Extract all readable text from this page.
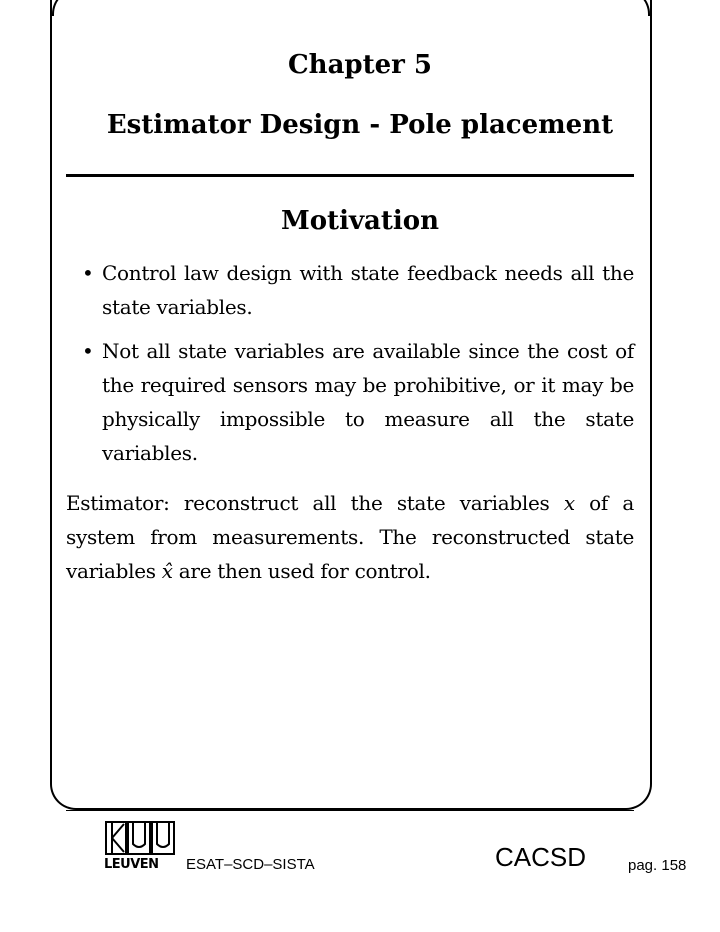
Chapter 5
Estimator Design - Pole placement
Motivation
• Control law design with state feedback needs all the state variables.
• Not all state variables are available since the cost of the required sensors may be prohibitive, or it may be physically impossible to measure all the state variables.

Estimator: reconstruct all the state variables x of a system from measurements. The reconstructed state variables x̂ are then used for control.

LEUVEN ESAT–SCD–SISTA	CACSD	pag. 158
